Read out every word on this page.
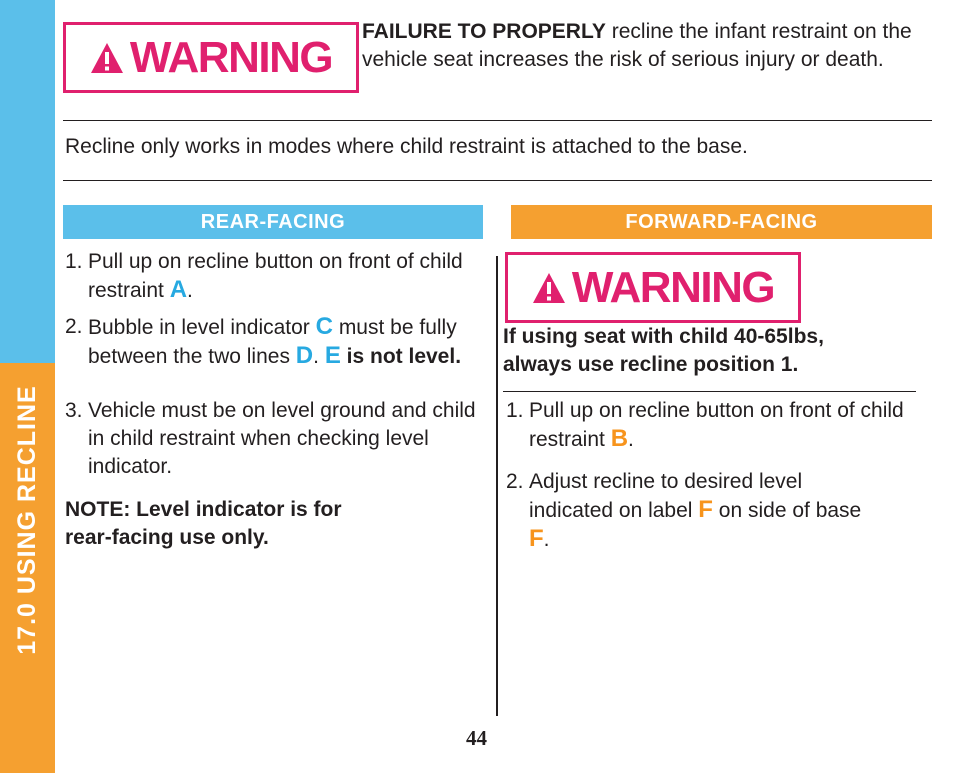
17.0 USING RECLINE
WARNING
FAILURE TO PROPERLY recline the infant restraint on the vehicle seat increases the risk of serious injury or death.
Recline only works in modes where child restraint is attached to the base.
REAR-FACING	FORWARD-FACING
1. Pull up on recline button on front of child restraint A.
2. Bubble in level indicator C must be fully between the two lines D. E is not level.
3. Vehicle must be on level ground and child in child restraint when checking level indicator.
NOTE: Level indicator is for rear-facing use only.
WARNING
If using seat with child 40-65lbs, always use recline position 1.
1. Pull up on recline button on front of child restraint B.
2. Adjust recline to desired level indicated on label F on side of base F.
44
